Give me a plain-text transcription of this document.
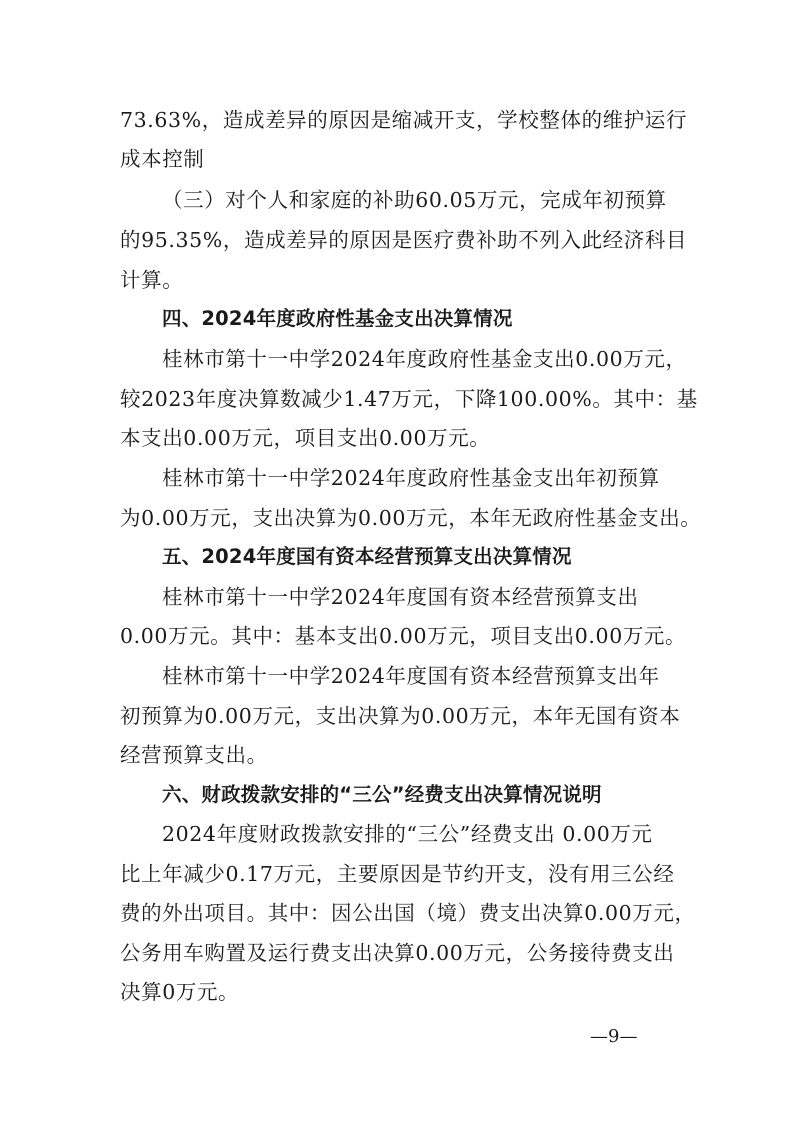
73.63%，造成差异的原因是缩减开支，学校整体的维护运行
成本控制
（三）对个人和家庭的补助60.05万元，完成年初预算
的95.35%，造成差异的原因是医疗费补助不列入此经济科目
计算。
四、2024年度政府性基金支出决算情况
桂林市第十一中学2024年度政府性基金支出0.00万元，
较2023年度决算数减少1.47万元，下降100.00%。其中：基
本支出0.00万元，项目支出0.00万元。
桂林市第十一中学2024年度政府性基金支出年初预算
为0.00万元，支出决算为0.00万元，本年无政府性基金支出。
五、2024年度国有资本经营预算支出决算情况
桂林市第十一中学2024年度国有资本经营预算支出
0.00万元。其中：基本支出0.00万元，项目支出0.00万元。
桂林市第十一中学2024年度国有资本经营预算支出年
初预算为0.00万元，支出决算为0.00万元，本年无国有资本
经营预算支出。
六、财政拨款安排的“三公”经费支出决算情况说明
2024年度财政拨款安排的“三公”经费支出 0.00万元
比上年减少0.17万元，主要原因是节约开支，没有用三公经
费的外出项目。其中：因公出国（境）费支出决算0.00万元，
公务用车购置及运行费支出决算0.00万元，公务接待费支出
决算0万元。
—9—
